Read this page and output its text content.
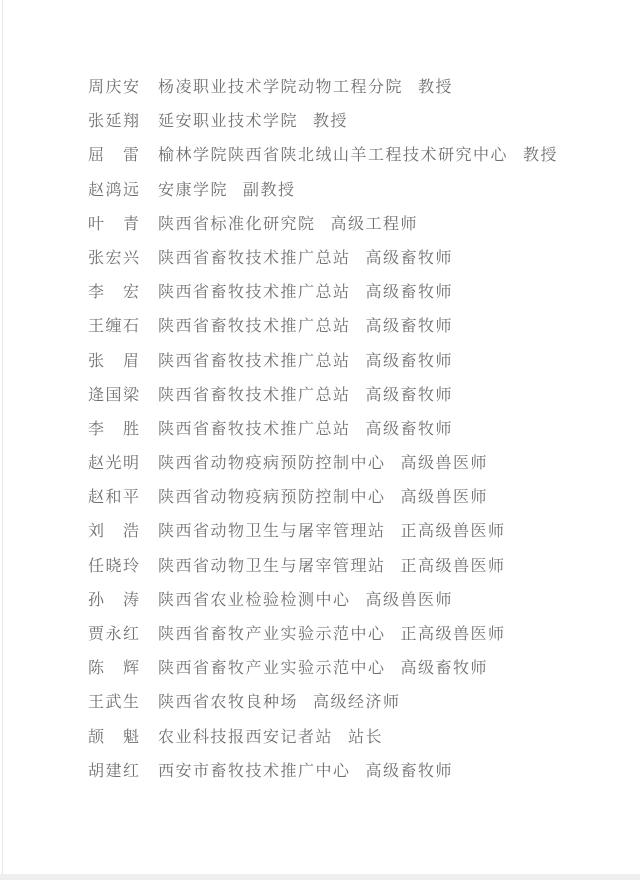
周庆安	杨凌职业技术学院动物工程分院 教授
张延翔	延安职业技术学院 教授
屈　雷	榆林学院陕西省陕北绒山羊工程技术研究中心 教授
赵鸿远	安康学院 副教授
叶　青	陕西省标准化研究院 高级工程师
张宏兴	陕西省畜牧技术推广总站 高级畜牧师
李　宏	陕西省畜牧技术推广总站 高级畜牧师
王缠石	陕西省畜牧技术推广总站 高级畜牧师
张　眉	陕西省畜牧技术推广总站 高级畜牧师
逄国梁	陕西省畜牧技术推广总站 高级畜牧师
李　胜	陕西省畜牧技术推广总站 高级畜牧师
赵光明	陕西省动物疫病预防控制中心 高级兽医师
赵和平	陕西省动物疫病预防控制中心 高级兽医师
刘　浩	陕西省动物卫生与屠宰管理站 正高级兽医师
任晓玲	陕西省动物卫生与屠宰管理站 正高级兽医师
孙　涛	陕西省农业检验检测中心 高级兽医师
贾永红	陕西省畜牧产业实验示范中心 正高级兽医师
陈　辉	陕西省畜牧产业实验示范中心 高级畜牧师
王武生	陕西省农牧良种场 高级经济师
颉　魁	农业科技报西安记者站 站长
胡建红	西安市畜牧技术推广中心 高级畜牧师
